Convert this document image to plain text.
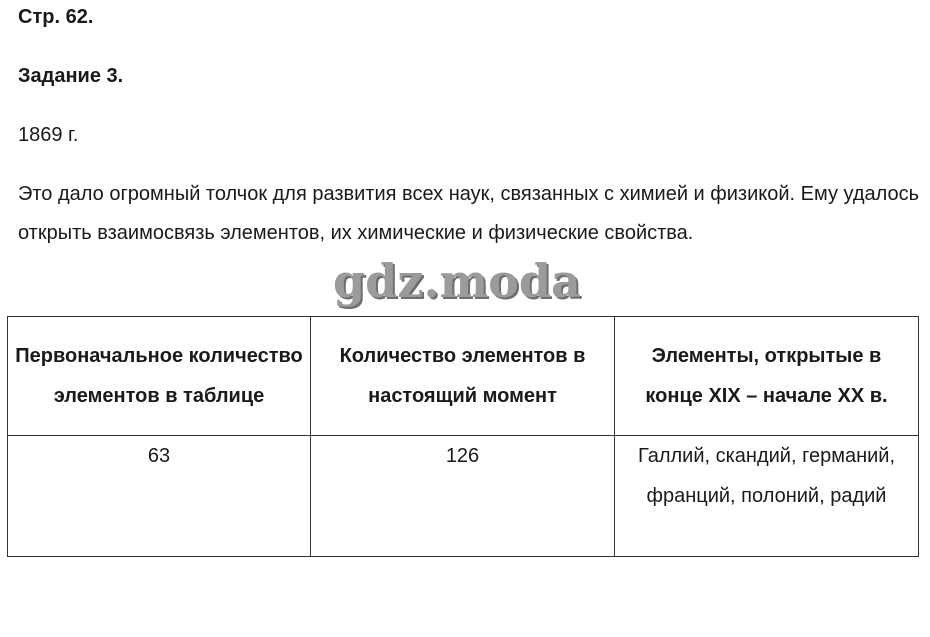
Стр. 62.

Задание 3.

1869 г.

Это дало огромный толчок для развития всех наук, связанных с химией и физикой. Ему удалось открыть взаимосвязь элементов, их химические и физические свойства.

gdz.moda
Первоначальное количество элементов в таблице	Количество элементов в настоящий момент	Элементы, открытые в конце XIX – начале XX в.

63	126	Галлий, скандий, германий, франций, полоний, радий
